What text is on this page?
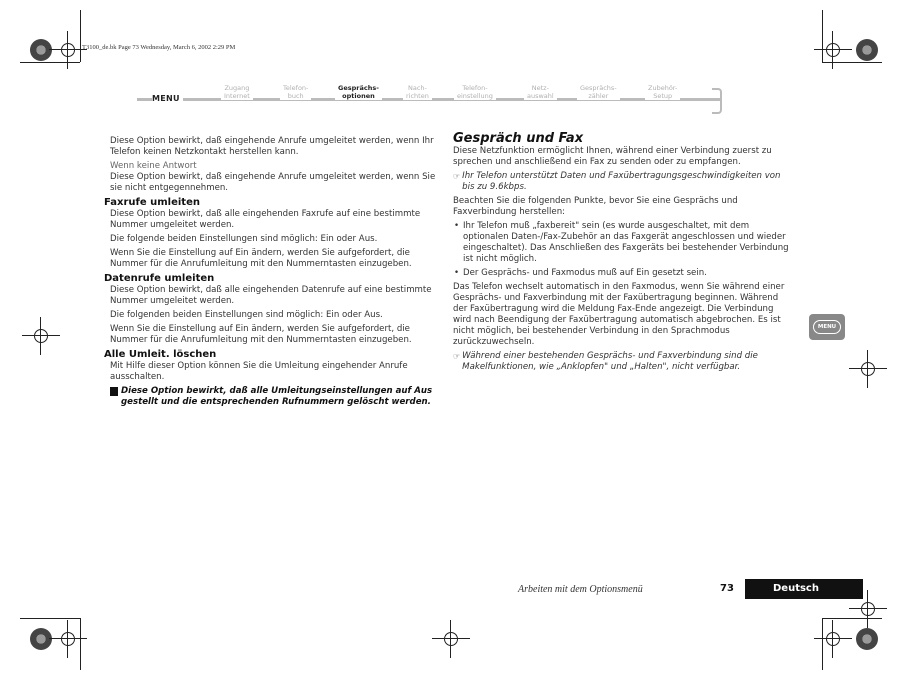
T3100_de.bk Page 73 Wednesday, March 6, 2002 2:29 PM
MENU
Zugang
Internet
Telefon-
buch
Gesprächs-
optionen
Nach-
richten
Telefon-
einstellung
Netz-
auswahl
Gesprächs-
zähler
Zubehör-
Setup

Diese Option bewirkt, daß eingehende Anrufe umgeleitet werden, wenn Ihr Telefon keinen Netzkontakt herstellen kann.

Wenn keine Antwort

Diese Option bewirkt, daß eingehende Anrufe umgeleitet werden, wenn Sie sie nicht entgegennehmen.

Faxrufe umleiten

Diese Option bewirkt, daß alle eingehenden Faxrufe auf eine bestimmte Nummer umgeleitet werden.

Die folgende beiden Einstellungen sind möglich: Ein oder Aus.

Wenn Sie die Einstellung auf Ein ändern, werden Sie aufgefordert, die Nummer für die Anrufumleitung mit den Nummerntasten einzugeben.

Datenrufe umleiten

Diese Option bewirkt, daß alle eingehenden Datenrufe auf eine bestimmte Nummer umgeleitet werden.

Die folgenden beiden Einstellungen sind möglich: Ein oder Aus.

Wenn Sie die Einstellung auf Ein ändern, werden Sie aufgefordert, die Nummer für die Anrufumleitung mit den Nummerntasten einzugeben.

Alle Umleit. löschen

Mit Hilfe dieser Option können Sie die Umleitung eingehender Anrufe ausschalten.

Diese Option bewirkt, daß alle Umleitungseinstellungen auf Aus gestellt und die entsprechenden Rufnummern gelöscht werden.

Gespräch und Fax

Diese Netzfunktion ermöglicht Ihnen, während einer Verbindung zuerst zu sprechen und anschließend ein Fax zu senden oder zu empfangen.

☞ Ihr Telefon unterstützt Daten und Faxübertragungsgeschwindigkeiten von bis zu 9.6kbps.

Beachten Sie die folgenden Punkte, bevor Sie eine Gesprächs und Faxverbindung herstellen:

• Ihr Telefon muß „faxbereit" sein (es wurde ausgeschaltet, mit dem optionalen Daten-/Fax-Zubehör an das Faxgerät angeschlossen und wieder eingeschaltet). Das Anschließen des Faxgeräts bei bestehender Verbindung ist nicht möglich.

• Der Gesprächs- und Faxmodus muß auf Ein gesetzt sein.

Das Telefon wechselt automatisch in den Faxmodus, wenn Sie während einer Gesprächs- und Faxverbindung mit der Faxübertragung beginnen. Während der Faxübertragung wird die Meldung Fax-Ende angezeigt. Die Verbindung wird nach Beendigung der Faxübertragung automatisch abgebrochen. Es ist nicht möglich, bei bestehender Verbindung in den Sprachmodus zurückzuwechseln.

☞ Während einer bestehenden Gesprächs- und Faxverbindung sind die Makelfunktionen, wie „Anklopfen" und „Halten", nicht verfügbar.

MENU
Arbeiten mit dem Optionsmenü	73	Deutsch
